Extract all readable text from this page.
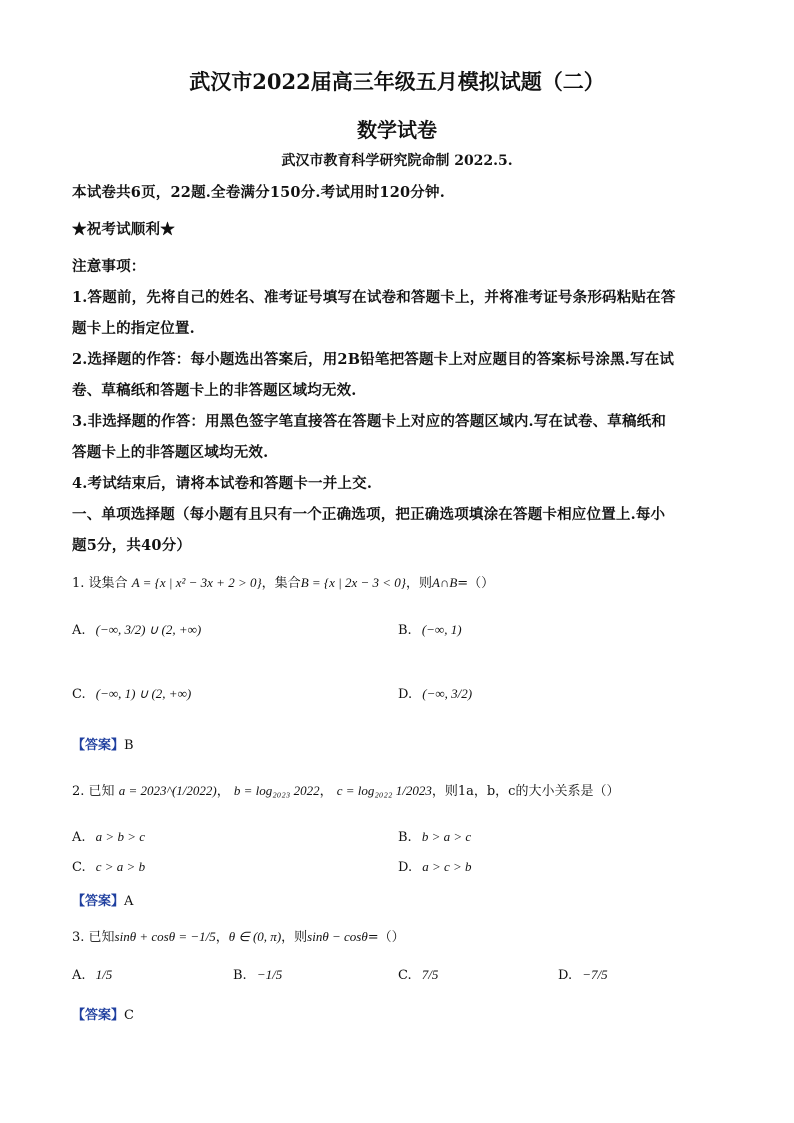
武汉市2022届高三年级五月模拟试题（二）
数学试卷
武汉市教育科学研究院命制 2022.5.
本试卷共6页，22题.全卷满分150分.考试用时120分钟.
★祝考试顺利★
注意事项：
1.答题前，先将自己的姓名、准考证号填写在试卷和答题卡上，并将准考证号条形码粘贴在答
题卡上的指定位置.
2.选择题的作答：每小题选出答案后，用2B铅笔把答题卡上对应题目的答案标号涂黑.写在试
卷、草稿纸和答题卡上的非答题区域均无效.
3.非选择题的作答：用黑色签字笔直接答在答题卡上对应的答题区域内.写在试卷、草稿纸和
答题卡上的非答题区域均无效.
4.考试结束后，请将本试卷和答题卡一并上交.
一、单项选择题（每小题有且只有一个正确选项，把正确选项填涂在答题卡相应位置上.每小
题5分，共40分）
1. 设集合 A = {x | x² − 3x + 2 > 0}，集合B = {x | 2x − 3 < 0}，则A∩B=（）
A. (−∞, 3/2) ∪ (2, +∞)	B. (−∞, 1)
C. (−∞, 1) ∪ (2, +∞)	D. (−∞, 3/2)
【答案】B
2. 已知 a = 2023^(1/2022)， b = log₂₀₂₃ 2022， c = log₂₀₂₂ 1/2023，则1a，b，c的大小关系是（）
A. a > b > c	B. b > a > c
C. c > a > b	D. a > c > b
【答案】A
3. 已知sinθ + cosθ = −1/5，θ ∈ (0, π)，则sinθ − cosθ=（）
A. 1/5	B. −1/5	C. 7/5	D. −7/5
【答案】C
